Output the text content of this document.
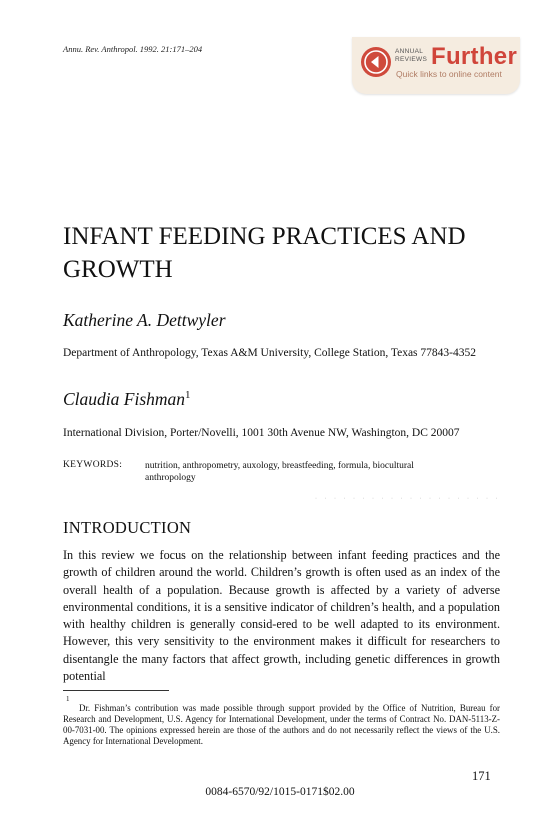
Annu. Rev. Anthropol. 1992. 21:171–204	ANNUAL
REVIEWS Further
Quick links to online content
INFANT FEEDING PRACTICES AND GROWTH
Katherine A. Dettwyler
Department of Anthropology, Texas A&M University, College Station, Texas 77843-4352
Claudia Fishman$^1$
International Division, Porter/Novelli, 1001 30th Avenue NW, Washington, DC 20007
KEYWORDS: nutrition, anthropometry, auxology, breastfeeding, formula, biocultural anthropology
· · · · · · · · · · · · · · · · · · · ·
INTRODUCTION

In this review we focus on the relationship between infant feeding practices and the growth of children around the world. Children’s growth is often used as an index of the overall health of a population. Because growth is affected by a variety of adverse environmental conditions, it is a sensitive indicator of children’s health, and a population with healthy children is generally consid-ered to be well adapted to its environment. However, this very sensitivity to the environment makes it difficult for researchers to disentangle the many factors that affect growth, including genetic differences in growth potential

1

Dr. Fishman’s contribution was made possible through support provided by the Office of Nutrition, Bureau for Research and Development, U.S. Agency for International Development, under the terms of Contract No. DAN-5113-Z-00-7031-00. The opinions expressed herein are those of the authors and do not necessarily reflect the views of the U.S. Agency for International Development.

171
0084-6570/92/1015-0171$02.00
